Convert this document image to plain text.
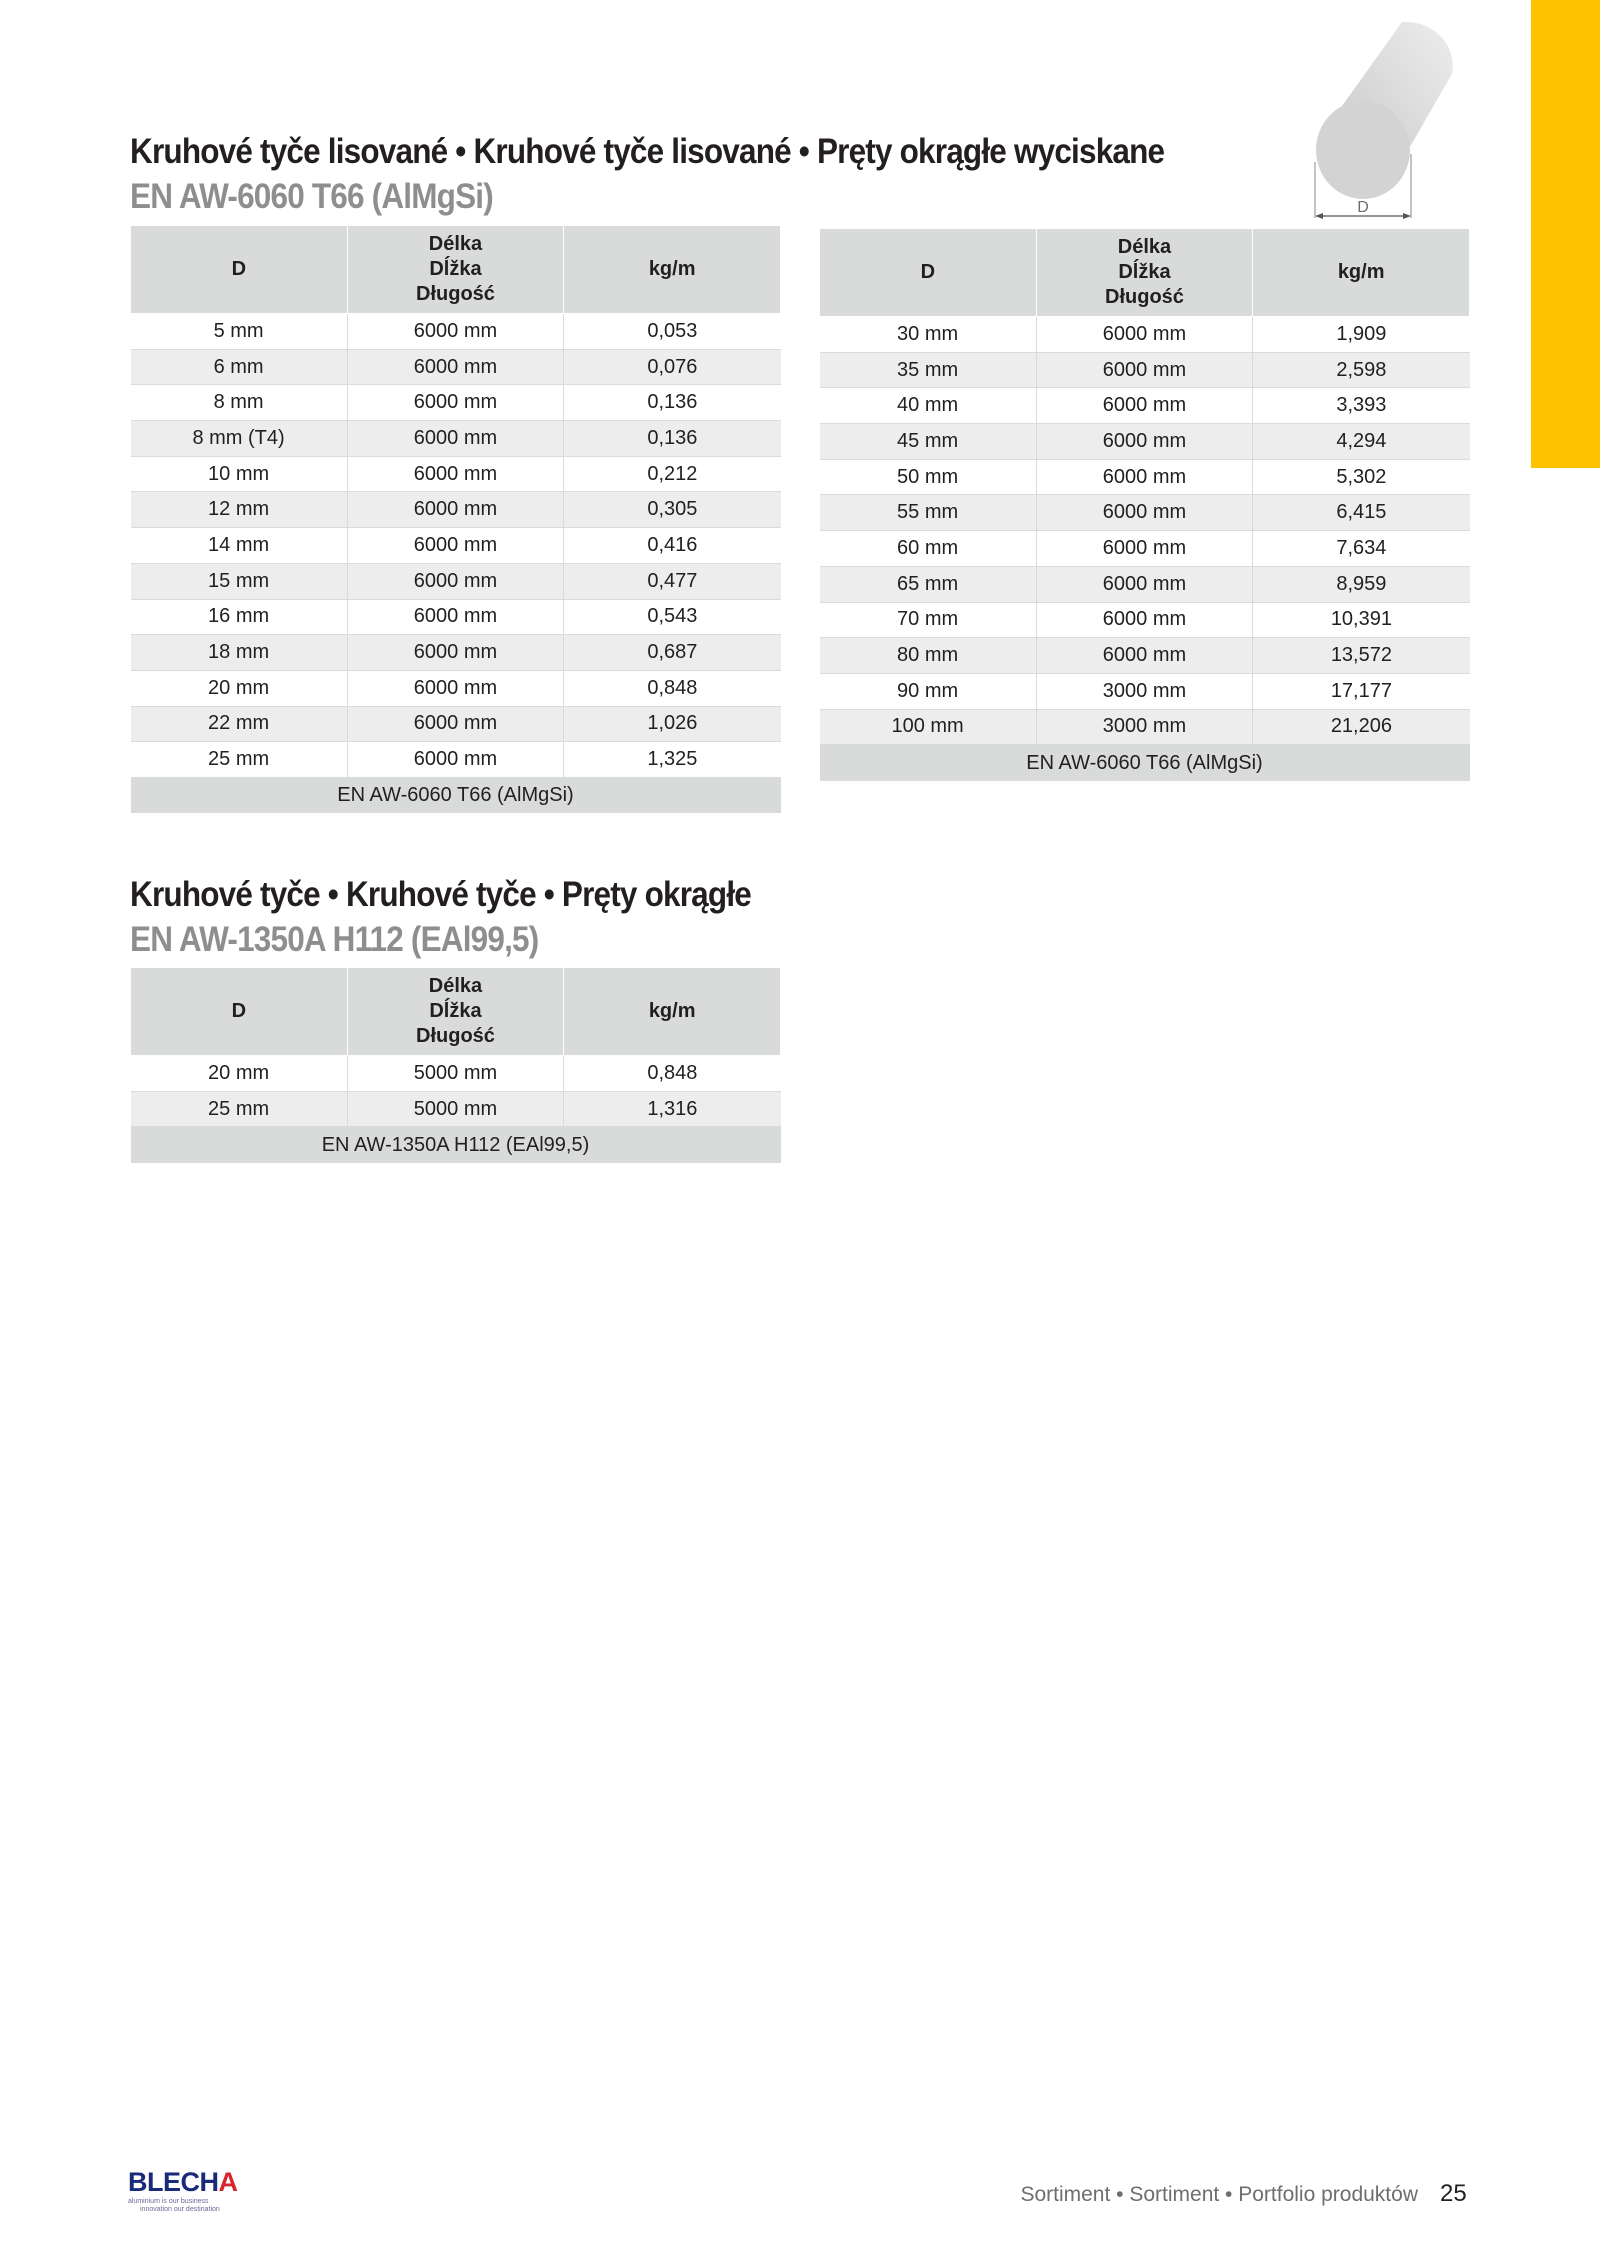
D
Kruhové tyče lisované • Kruhové tyče lisované • Pręty okrągłe wyciskane
EN AW-6060 T66 (AlMgSi)
D	Délka
Dĺžka
Długość	kg/m
5 mm	6000 mm	0,053
6 mm	6000 mm	0,076
8 mm	6000 mm	0,136
8 mm (T4)	6000 mm	0,136
10 mm	6000 mm	0,212
12 mm	6000 mm	0,305
14 mm	6000 mm	0,416
15 mm	6000 mm	0,477
16 mm	6000 mm	0,543
18 mm	6000 mm	0,687
20 mm	6000 mm	0,848
22 mm	6000 mm	1,026
25 mm	6000 mm	1,325
EN AW-6060 T66 (AlMgSi)		
D	Délka
Dĺžka
Długość	kg/m
30 mm	6000 mm	1,909
35 mm	6000 mm	2,598
40 mm	6000 mm	3,393
45 mm	6000 mm	4,294
50 mm	6000 mm	5,302
55 mm	6000 mm	6,415
60 mm	6000 mm	7,634
65 mm	6000 mm	8,959
70 mm	6000 mm	10,391
80 mm	6000 mm	13,572
90 mm	3000 mm	17,177
100 mm	3000 mm	21,206
EN AW-6060 T66 (AlMgSi)		
Kruhové tyče • Kruhové tyče • Pręty okrągłe
EN AW-1350A H112 (EAl99,5)
D	Délka
Dĺžka
Długość	kg/m
20 mm	5000 mm	0,848
25 mm	5000 mm	1,316
EN AW-1350A H112 (EAl99,5)		
BLECHA
aluminium is our business
innovation our destination
Sortiment • Sortiment • Portfolio produktów 25
